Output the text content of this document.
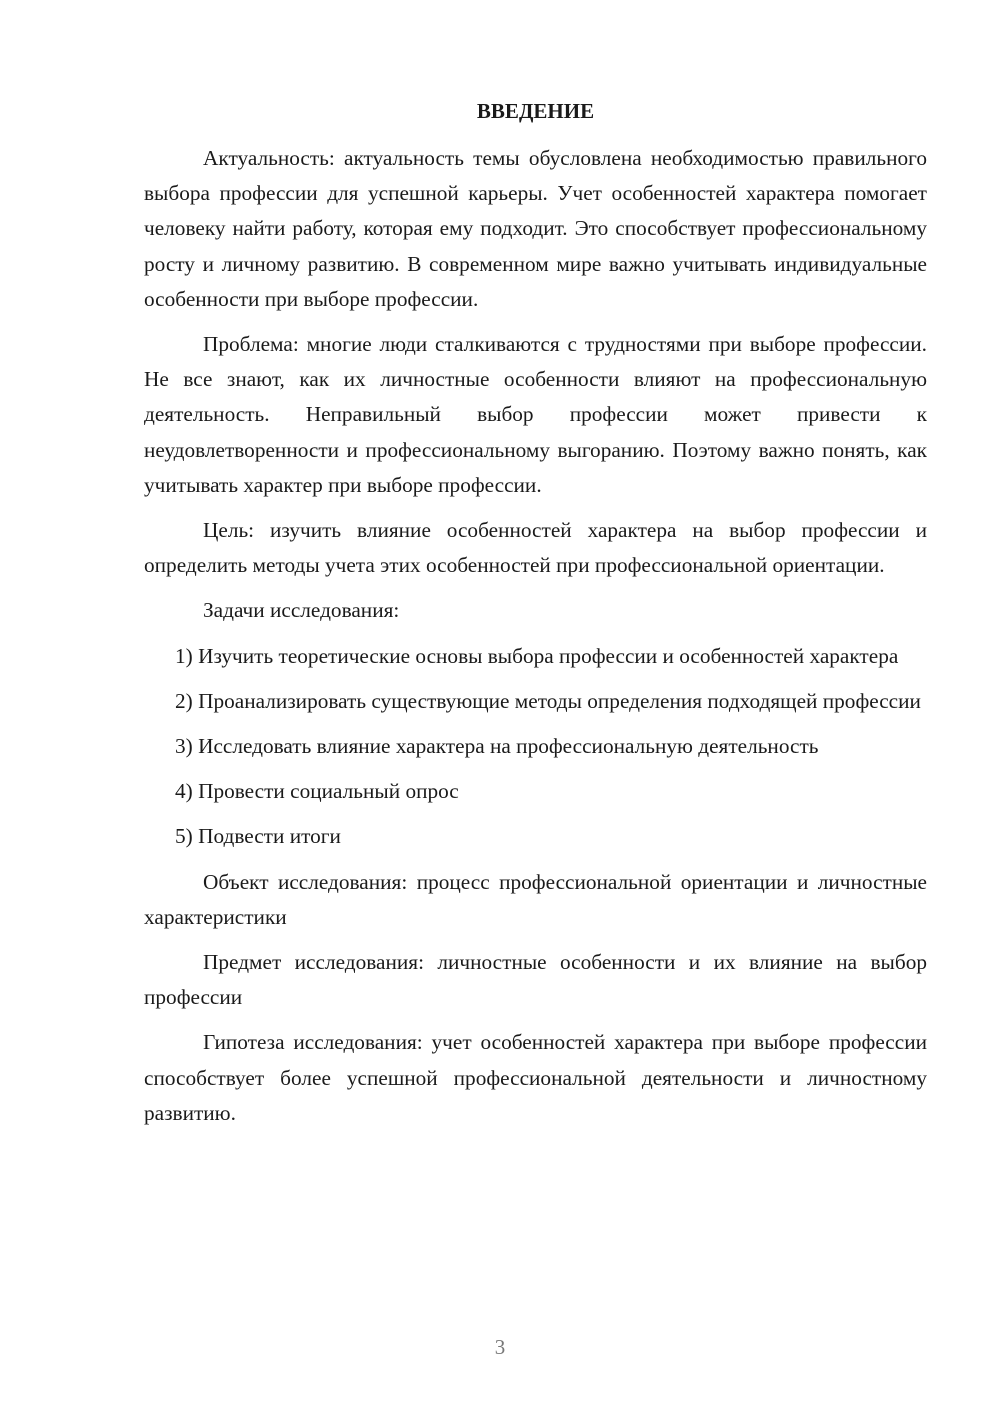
ВВЕДЕНИЕ

Актуальность: актуальность темы обусловлена необходимостью правильного выбора профессии для успешной карьеры. Учет особенностей характера помогает человеку найти работу, которая ему подходит. Это способствует профессиональному росту и личному развитию. В современном мире важно учитывать индивидуальные особенности при выборе профессии.

Проблема: многие люди сталкиваются с трудностями при выборе профессии. Не все знают, как их личностные особенности влияют на профессиональную деятельность. Неправильный выбор профессии может привести к неудовлетворенности и профессиональному выгоранию. Поэтому важно понять, как учитывать характер при выборе профессии.

Цель: изучить влияние особенностей характера на выбор профессии и определить методы учета этих особенностей при профессиональной ориентации.

Задачи исследования:

1) Изучить теоретические основы выбора профессии и особенностей характера
2) Проанализировать существующие методы определения подходящей профессии
3) Исследовать влияние характера на профессиональную деятельность
4) Провести социальный опрос
5) Подвести итоги

Объект исследования: процесс профессиональной ориентации и личностные характеристики

Предмет исследования: личностные особенности и их влияние на выбор профессии

Гипотеза исследования: учет особенностей характера при выборе профессии способствует более успешной профессиональной деятельности и личностному развитию.

3
